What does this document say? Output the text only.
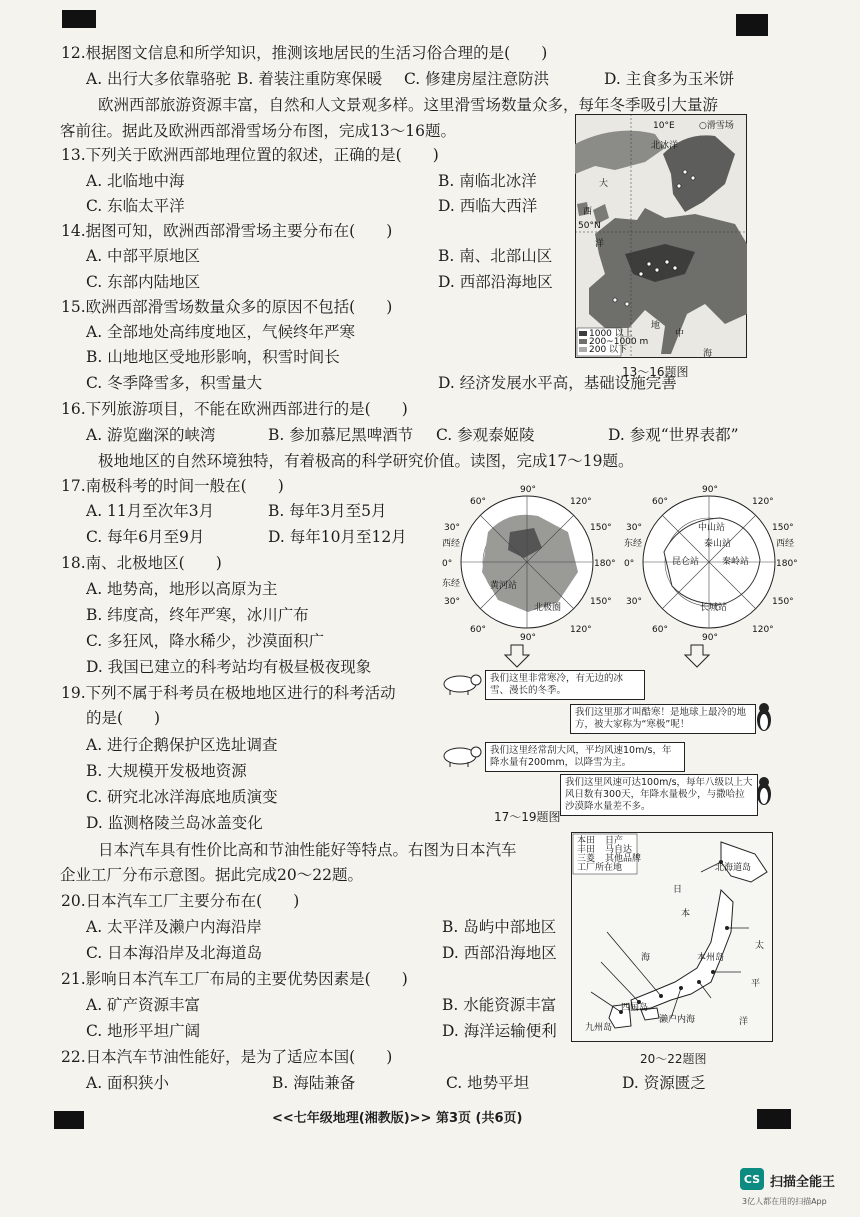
12.根据图文信息和所学知识，推测该地居民的生活习俗合理的是(　　)
A. 出行大多依靠骆驼 B. 着装注重防寒保暖 C. 修建房屋注意防洪	D. 主食多为玉米饼
欧洲西部旅游资源丰富，自然和人文景观多样。这里滑雪场数量众多，每年冬季吸引大量游
客前往。据此及欧洲西部滑雪场分布图，完成13～16题。
13.下列关于欧洲西部地理位置的叙述，正确的是(　　)
A. 北临地中海	B. 南临北冰洋
C. 东临太平洋	D. 西临大西洋
14.据图可知，欧洲西部滑雪场主要分布在(　　)
A. 中部平原地区	B. 南、北部山区
C. 东部内陆地区	D. 西部沿海地区
15.欧洲西部滑雪场数量众多的原因不包括(　　)
A. 全部地处高纬度地区，气候终年严寒
B. 山地地区受地形影响，积雪时间长
C. 冬季降雪多，积雪量大	D. 经济发展水平高，基础设施完善
16.下列旅游项目，不能在欧洲西部进行的是(　　)
A. 游览幽深的峡湾	B. 参加慕尼黑啤酒节 C. 参观泰姬陵	D. 参观“世界表都”
极地地区的自然环境独特，有着极高的科学研究价值。读图，完成17～19题。
17.南极科考的时间一般在(　　)
A. 11月至次年3月	B. 每年3月至5月
C. 每年6月至9月	D. 每年10月至12月
18.南、北极地区(　　)
A. 地势高，地形以高原为主
B. 纬度高，终年严寒，冰川广布
C. 多狂风，降水稀少，沙漠面积广
D. 我国已建立的科考站均有极昼极夜现象
19.下列不属于科考员在极地地区进行的科考活动
的是(　　)
A. 进行企鹅保护区选址调查
B. 大规模开发极地资源
C. 研究北冰洋海底地质演变
D. 监测格陵兰岛冰盖变化
日本汽车具有性价比高和节油性能好等特点。右图为日本汽车
企业工厂分布示意图。据此完成20～22题。
20.日本汽车工厂主要分布在(　　)
A. 太平洋及濑户内海沿岸	B. 岛屿中部地区
C. 日本海沿岸及北海道岛	D. 西部沿海地区
21.影响日本汽车工厂布局的主要优势因素是(　　)
A. 矿产资源丰富	B. 水能资源丰富
C. 地形平坦广阔	D. 海洋运输便利
22.日本汽车节油性能好，是为了适应本国(　　)
A. 面积狭小	B. 海陆兼备	C. 地势平坦	D. 资源匮乏
1000 以上
200~1000 m
200 以下
10°E	○滑雪场
北冰洋
50°N
大
西
洋
地
中
海
13～16题图
90°
60°	120°
30°	150°
西经
0°
东经
180°
30°	150°
60°	120°
90°
黄河站
北极圈
90°
60°	120°
30°	150°
东经
0°
西经
180°
30°	150°
60°	120°
90°
中山站
泰山站
昆仑站	秦岭站
长城站
我们这里非常寒冷，有无边的冰雪、漫长的冬季。
我们这里那才叫酷寒！是地球上最冷的地方，被大家称为“寒极”呢！
我们这里经常刮大风，平均风速10m/s，年降水量有200mm，以降雪为主。
我们这里风速可达100m/s，每年八级以上大风日数有300天，年降水量极少，与撒哈拉沙漠降水量差不多。
17～19题图
本田 日产
丰田 马自达
三菱 其他品牌
工厂所在地	北海道岛
日
本
海
太
平
洋
本州岛
四国岛
九州岛
濑户内海
20～22题图
<<七年级地理(湘教版)>> 第3页 (共6页)
CS 扫描全能王
3亿人都在用的扫描App
